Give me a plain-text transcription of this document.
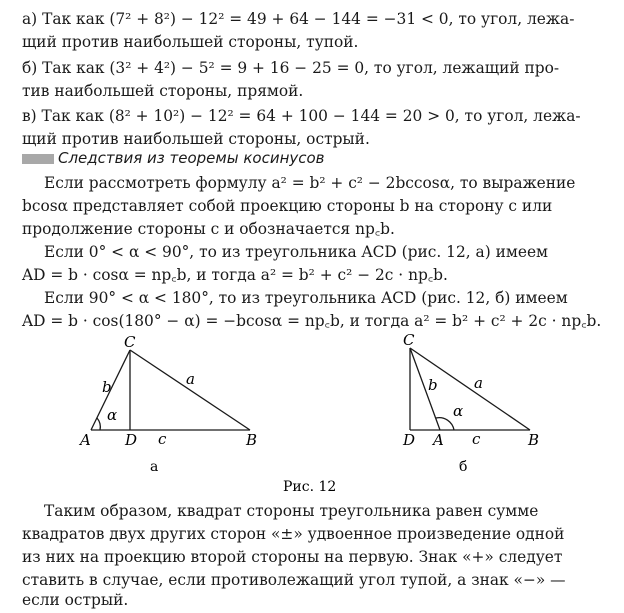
а) Так как (7² + 8²) − 12² = 49 + 64 − 144 = −31 < 0, то угол, лежа-
щий против наибольшей стороны, тупой.
б) Так как (3² + 4²) − 5² = 9 + 16 − 25 = 0, то угол, лежащий про-
тив наибольшей стороны, прямой.
в) Так как (8² + 10²) − 12² = 64 + 100 − 144 = 20 > 0, то угол, лежа-
щий против наибольшей стороны, острый.
Следствия из теоремы косинусов
Если рассмотреть формулу a² = b² + c² − 2bccosα, то выражение
bcosα представляет собой проекцию стороны b на сторону c или
продолжение стороны c и обозначается np꜀b.
Если 0° < α < 90°, то из треугольника ACD (рис. 12, а) имеем
AD = b · cosα = np꜀b, и тогда a² = b² + c² − 2c · np꜀b.
Если 90° < α < 180°, то из треугольника ACD (рис. 12, б) имеем
AD = b · cos(180° − α) = −bcosα = np꜀b, и тогда a² = b² + c² + 2c · np꜀b.
C
A D	B
b	a
c
α
а
C
D A	B
b a
c
α
б
Рис. 12
Таким образом, квадрат стороны треугольника равен сумме
квадратов двух других сторон «±» удвоенное произведение одной
из них на проекцию второй стороны на первую. Знак «+» следует
ставить в случае, если противолежащий угол тупой, а знак «−» —
если острый.
